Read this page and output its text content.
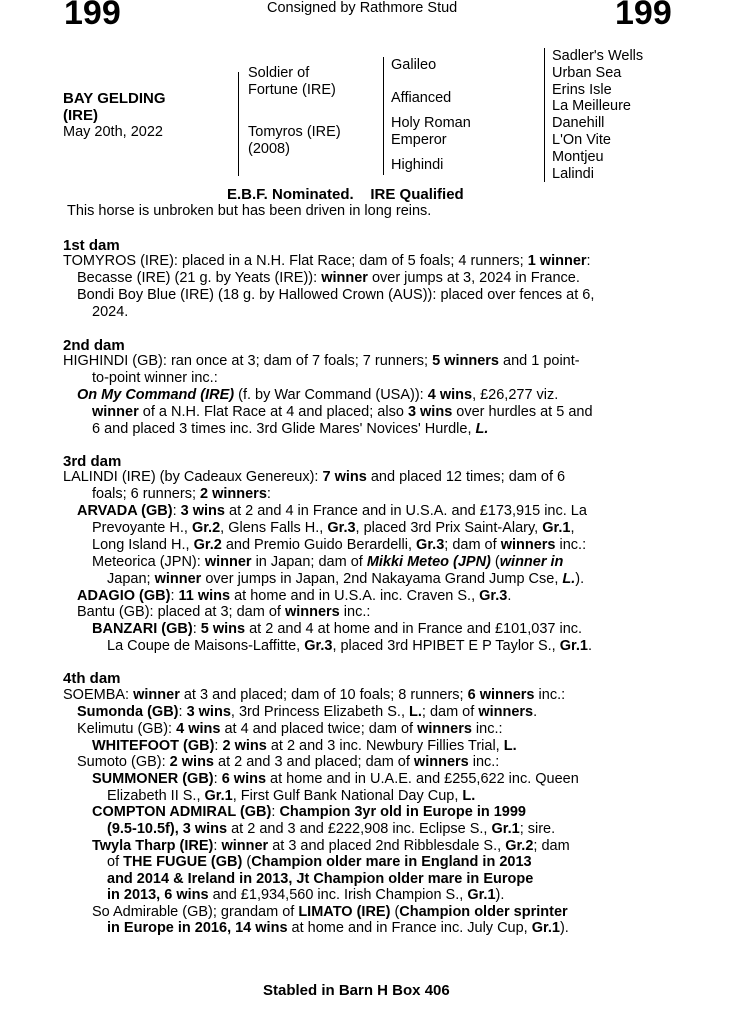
199	199
Consigned by Rathmore Stud
BAY GELDING
(IRE)
May 20th, 2022
Soldier of
Fortune (IRE)
Tomyros (IRE)
(2008)
Galileo
Affianced
Holy Roman
Emperor
Highindi
Sadler's Wells
Urban Sea
Erins Isle
La Meilleure
Danehill
L'On Vite
Montjeu
Lalindi
E.B.F. Nominated. IRE Qualified
This horse is unbroken but has been driven in long reins.
1st dam
TOMYROS (IRE): placed in a N.H. Flat Race; dam of 5 foals; 4 runners; 1 winner:
Becasse (IRE) (21 g. by Yeats (IRE)): winner over jumps at 3, 2024 in France.
Bondi Boy Blue (IRE) (18 g. by Hallowed Crown (AUS)): placed over fences at 6,
2024.
2nd dam
HIGHINDI (GB): ran once at 3; dam of 7 foals; 7 runners; 5 winners and 1 point-
to-point winner inc.:
On My Command (IRE) (f. by War Command (USA)): 4 wins, £26,277 viz.
winner of a N.H. Flat Race at 4 and placed; also 3 wins over hurdles at 5 and
6 and placed 3 times inc. 3rd Glide Mares' Novices' Hurdle, L.
3rd dam
LALINDI (IRE) (by Cadeaux Genereux): 7 wins and placed 12 times; dam of 6
foals; 6 runners; 2 winners:
ARVADA (GB): 3 wins at 2 and 4 in France and in U.S.A. and £173,915 inc. La
Prevoyante H., Gr.2, Glens Falls H., Gr.3, placed 3rd Prix Saint-Alary, Gr.1,
Long Island H., Gr.2 and Premio Guido Berardelli, Gr.3; dam of winners inc.:
Meteorica (JPN): winner in Japan; dam of Mikki Meteo (JPN) (winner in
Japan; winner over jumps in Japan, 2nd Nakayama Grand Jump Cse, L.).
ADAGIO (GB): 11 wins at home and in U.S.A. inc. Craven S., Gr.3.
Bantu (GB): placed at 3; dam of winners inc.:
BANZARI (GB): 5 wins at 2 and 4 at home and in France and £101,037 inc.
La Coupe de Maisons-Laffitte, Gr.3, placed 3rd HPIBET E P Taylor S., Gr.1.
4th dam
SOEMBA: winner at 3 and placed; dam of 10 foals; 8 runners; 6 winners inc.:
Sumonda (GB): 3 wins, 3rd Princess Elizabeth S., L.; dam of winners.
Kelimutu (GB): 4 wins at 4 and placed twice; dam of winners inc.:
WHITEFOOT (GB): 2 wins at 2 and 3 inc. Newbury Fillies Trial, L.
Sumoto (GB): 2 wins at 2 and 3 and placed; dam of winners inc.:
SUMMONER (GB): 6 wins at home and in U.A.E. and £255,622 inc. Queen
Elizabeth II S., Gr.1, First Gulf Bank National Day Cup, L.
COMPTON ADMIRAL (GB): Champion 3yr old in Europe in 1999
(9.5-10.5f), 3 wins at 2 and 3 and £222,908 inc. Eclipse S., Gr.1; sire.
Twyla Tharp (IRE): winner at 3 and placed 2nd Ribblesdale S., Gr.2; dam
of THE FUGUE (GB) (Champion older mare in England in 2013
and 2014 & Ireland in 2013, Jt Champion older mare in Europe
in 2013, 6 wins and £1,934,560 inc. Irish Champion S., Gr.1).
So Admirable (GB); grandam of LIMATO (IRE) (Champion older sprinter
in Europe in 2016, 14 wins at home and in France inc. July Cup, Gr.1).
Stabled in Barn H Box 406
